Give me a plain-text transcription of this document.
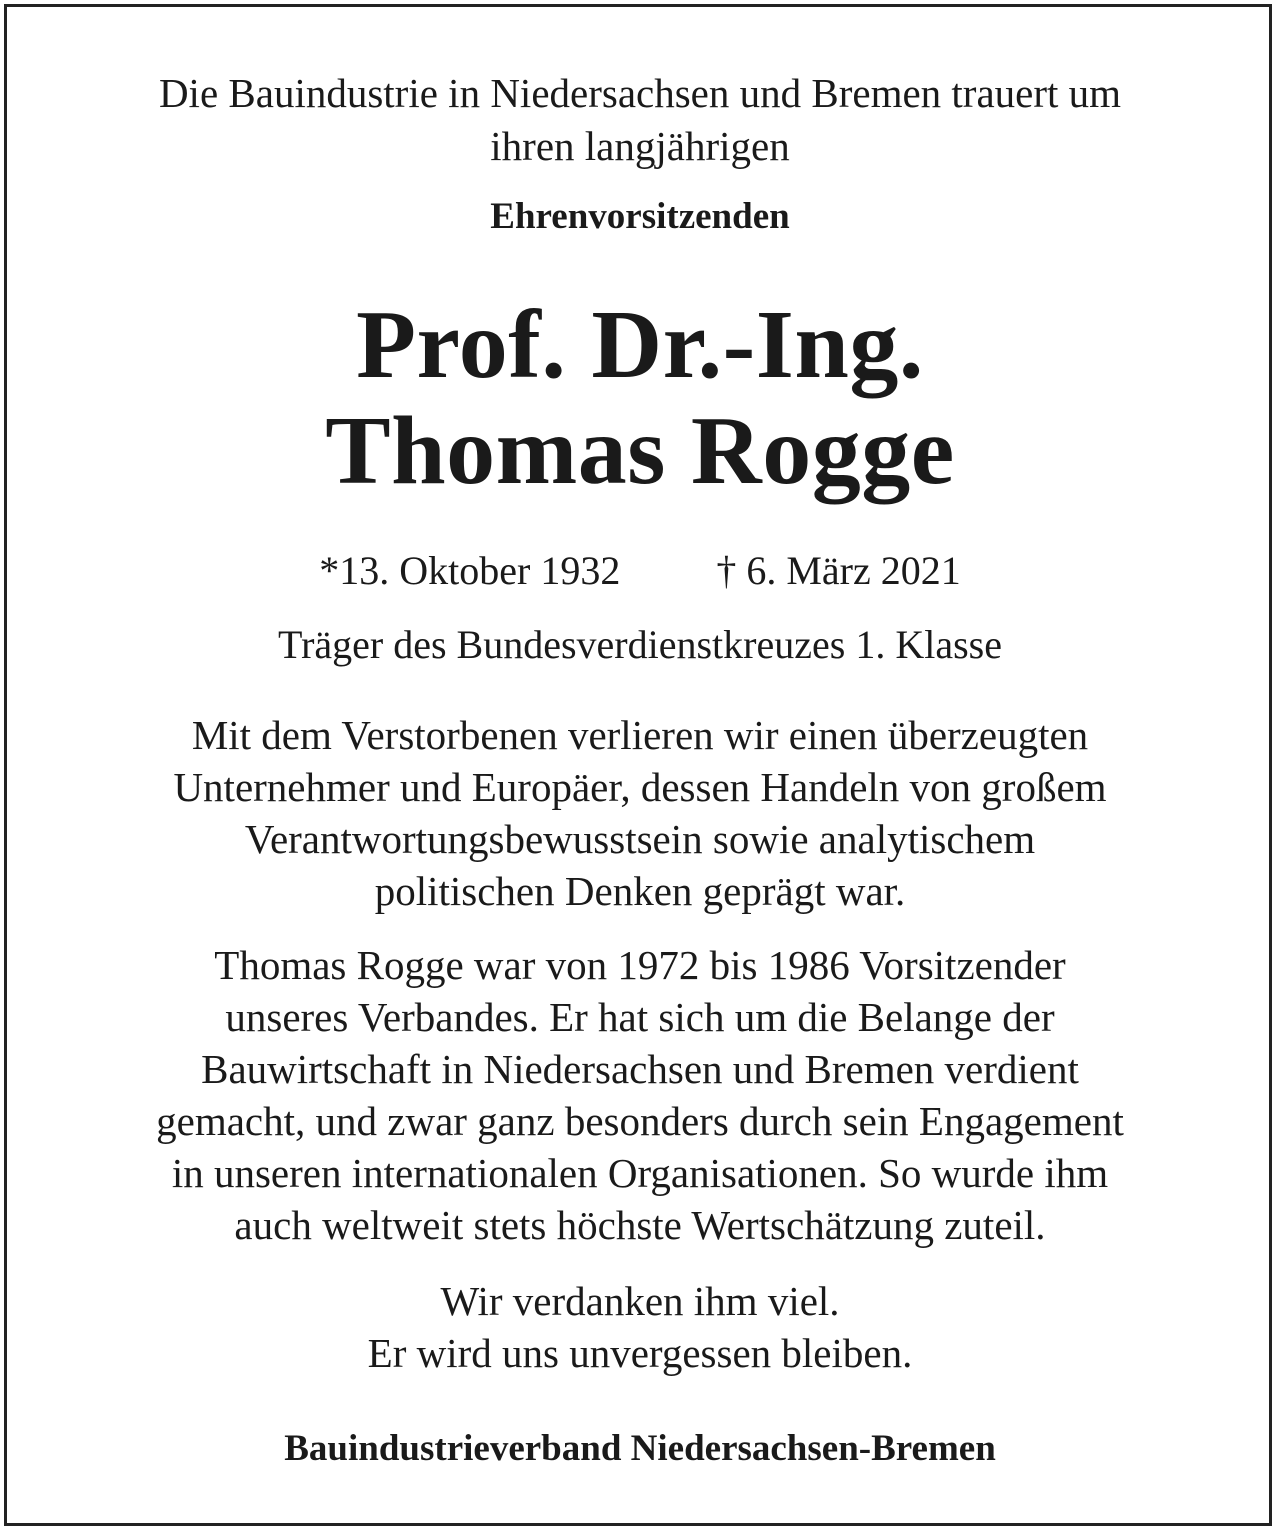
Die Bauindustrie in Niedersachsen und Bremen trauert um
ihren langjährigen
Ehrenvorsitzenden
Prof. Dr.-Ing.
Thomas Rogge
*13. Oktober 1932 † 6. März 2021
Träger des Bundesverdienstkreuzes 1. Klasse
Mit dem Verstorbenen verlieren wir einen überzeugten
Unternehmer und Europäer, dessen Handeln von großem
Verantwortungsbewusstsein sowie analytischem
politischen Denken geprägt war.
Thomas Rogge war von 1972 bis 1986 Vorsitzender
unseres Verbandes. Er hat sich um die Belange der
Bauwirtschaft in Niedersachsen und Bremen verdient
gemacht, und zwar ganz besonders durch sein Engagement
in unseren internationalen Organisationen. So wurde ihm
auch weltweit stets höchste Wertschätzung zuteil.
Wir verdanken ihm viel.
Er wird uns unvergessen bleiben.
Bauindustrieverband Niedersachsen-Bremen
